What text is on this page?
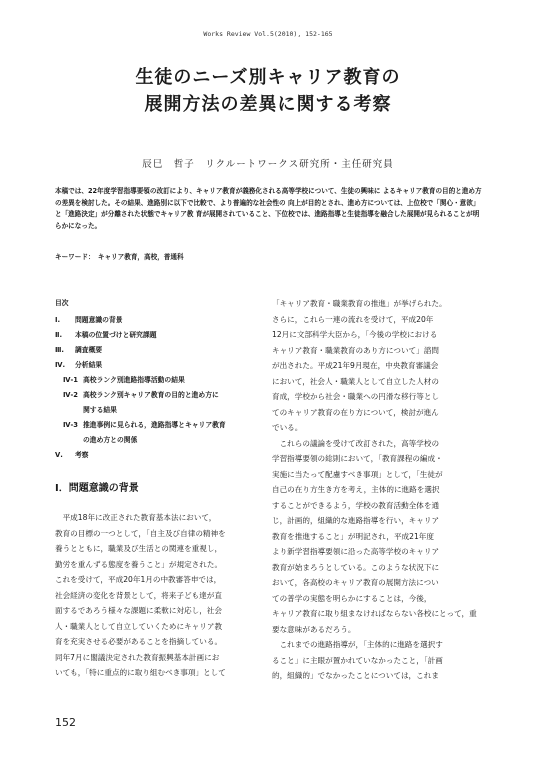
Works Review Vol.5(2010), 152-165
生徒のニーズ別キャリア教育の
展開方法の差異に関する考察
辰巳　哲子　リクルートワークス研究所・主任研究員
本稿では、22年度学習指導要領の改訂により、キャリア教育が義務化される高等学校について、生徒の興味に よるキャリア教育の目的と進め方の差異を検討した。その結果、進路別に以下で比較で、より普遍的な社会性の 向上が目的とされ、進め方については、上位校で「関心・意欲」と「進路決定」が分離された状態でキャリア教 育が展開されていること、下位校では、進路指導と生徒指導を融合した展開が見られることが明らかになった。
キーワード：　キャリア教育，高校，普通科
目次
Ⅰ.	問題意識の背景
Ⅱ.	本稿の位置づけと研究課題
Ⅲ.	調査概要
Ⅳ.	分析結果
Ⅳ-1 高校ランク別進路指導活動の結果
Ⅳ-2 高校ランク別キャリア教育の目的と進め方に
関する結果
Ⅳ-3 推進事例に見られる，進路指導とキャリア教育
の進め方との関係
Ⅴ.	考察
Ⅰ．問題意識の背景

平成18年に改正された教育基本法において，

教育の目標の一つとして，「自主及び自律の精神を

養うとともに，職業及び生活との関連を重視し，

勤労を重んずる態度を養うこと」が規定された。

これを受けて，平成20年1月の中教審答申では，

社会経済の変化を背景として，将来子ども達が直

面するであろう様々な課題に柔軟に対応し，社会

人・職業人として自立していくためにキャリア教

育を充実させる必要があることを指摘している。

同年7月に閣議決定された教育振興基本計画にお

いても，「特に重点的に取り組むべき事項」として

「キャリア教育・職業教育の推進」が挙げられた。

さらに，これら一連の流れを受けて，平成20年

12月に文部科学大臣から，「今後の学校における

キャリア教育・職業教育のあり方について」諮問

が出された。平成21年9月現在，中央教育審議会

において，社会人・職業人として自立した人材の

育成，学校から社会・職業への円滑な移行等とし

てのキャリア教育の在り方について，検討が進ん

でいる。

これらの議論を受けて改訂された，高等学校の

学習指導要領の総則において，「教育課程の編成・

実施に当たって配慮すべき事項」として，「生徒が

自己の在り方生き方を考え，主体的に進路を選択

することができるよう，学校の教育活動全体を通

じ，計画的，組織的な進路指導を行い，キャリア

教育を推進すること」が明記され，平成21年度

より新学習指導要領に沿った高等学校のキャリア

教育が始まろうとしている。このような状況下に

おいて，各高校のキャリア教育の展開方法につい

ての普学の実態を明らかにすることは，今後，

キャリア教育に取り組まなければならない各校にとって，重

要な意味があるだろう。

これまでの進路指導が，「主体的に進路を選択す

ること」に主眼が置かれていなかったこと，「計画

的，組織的」でなかったことについては，これま

152
